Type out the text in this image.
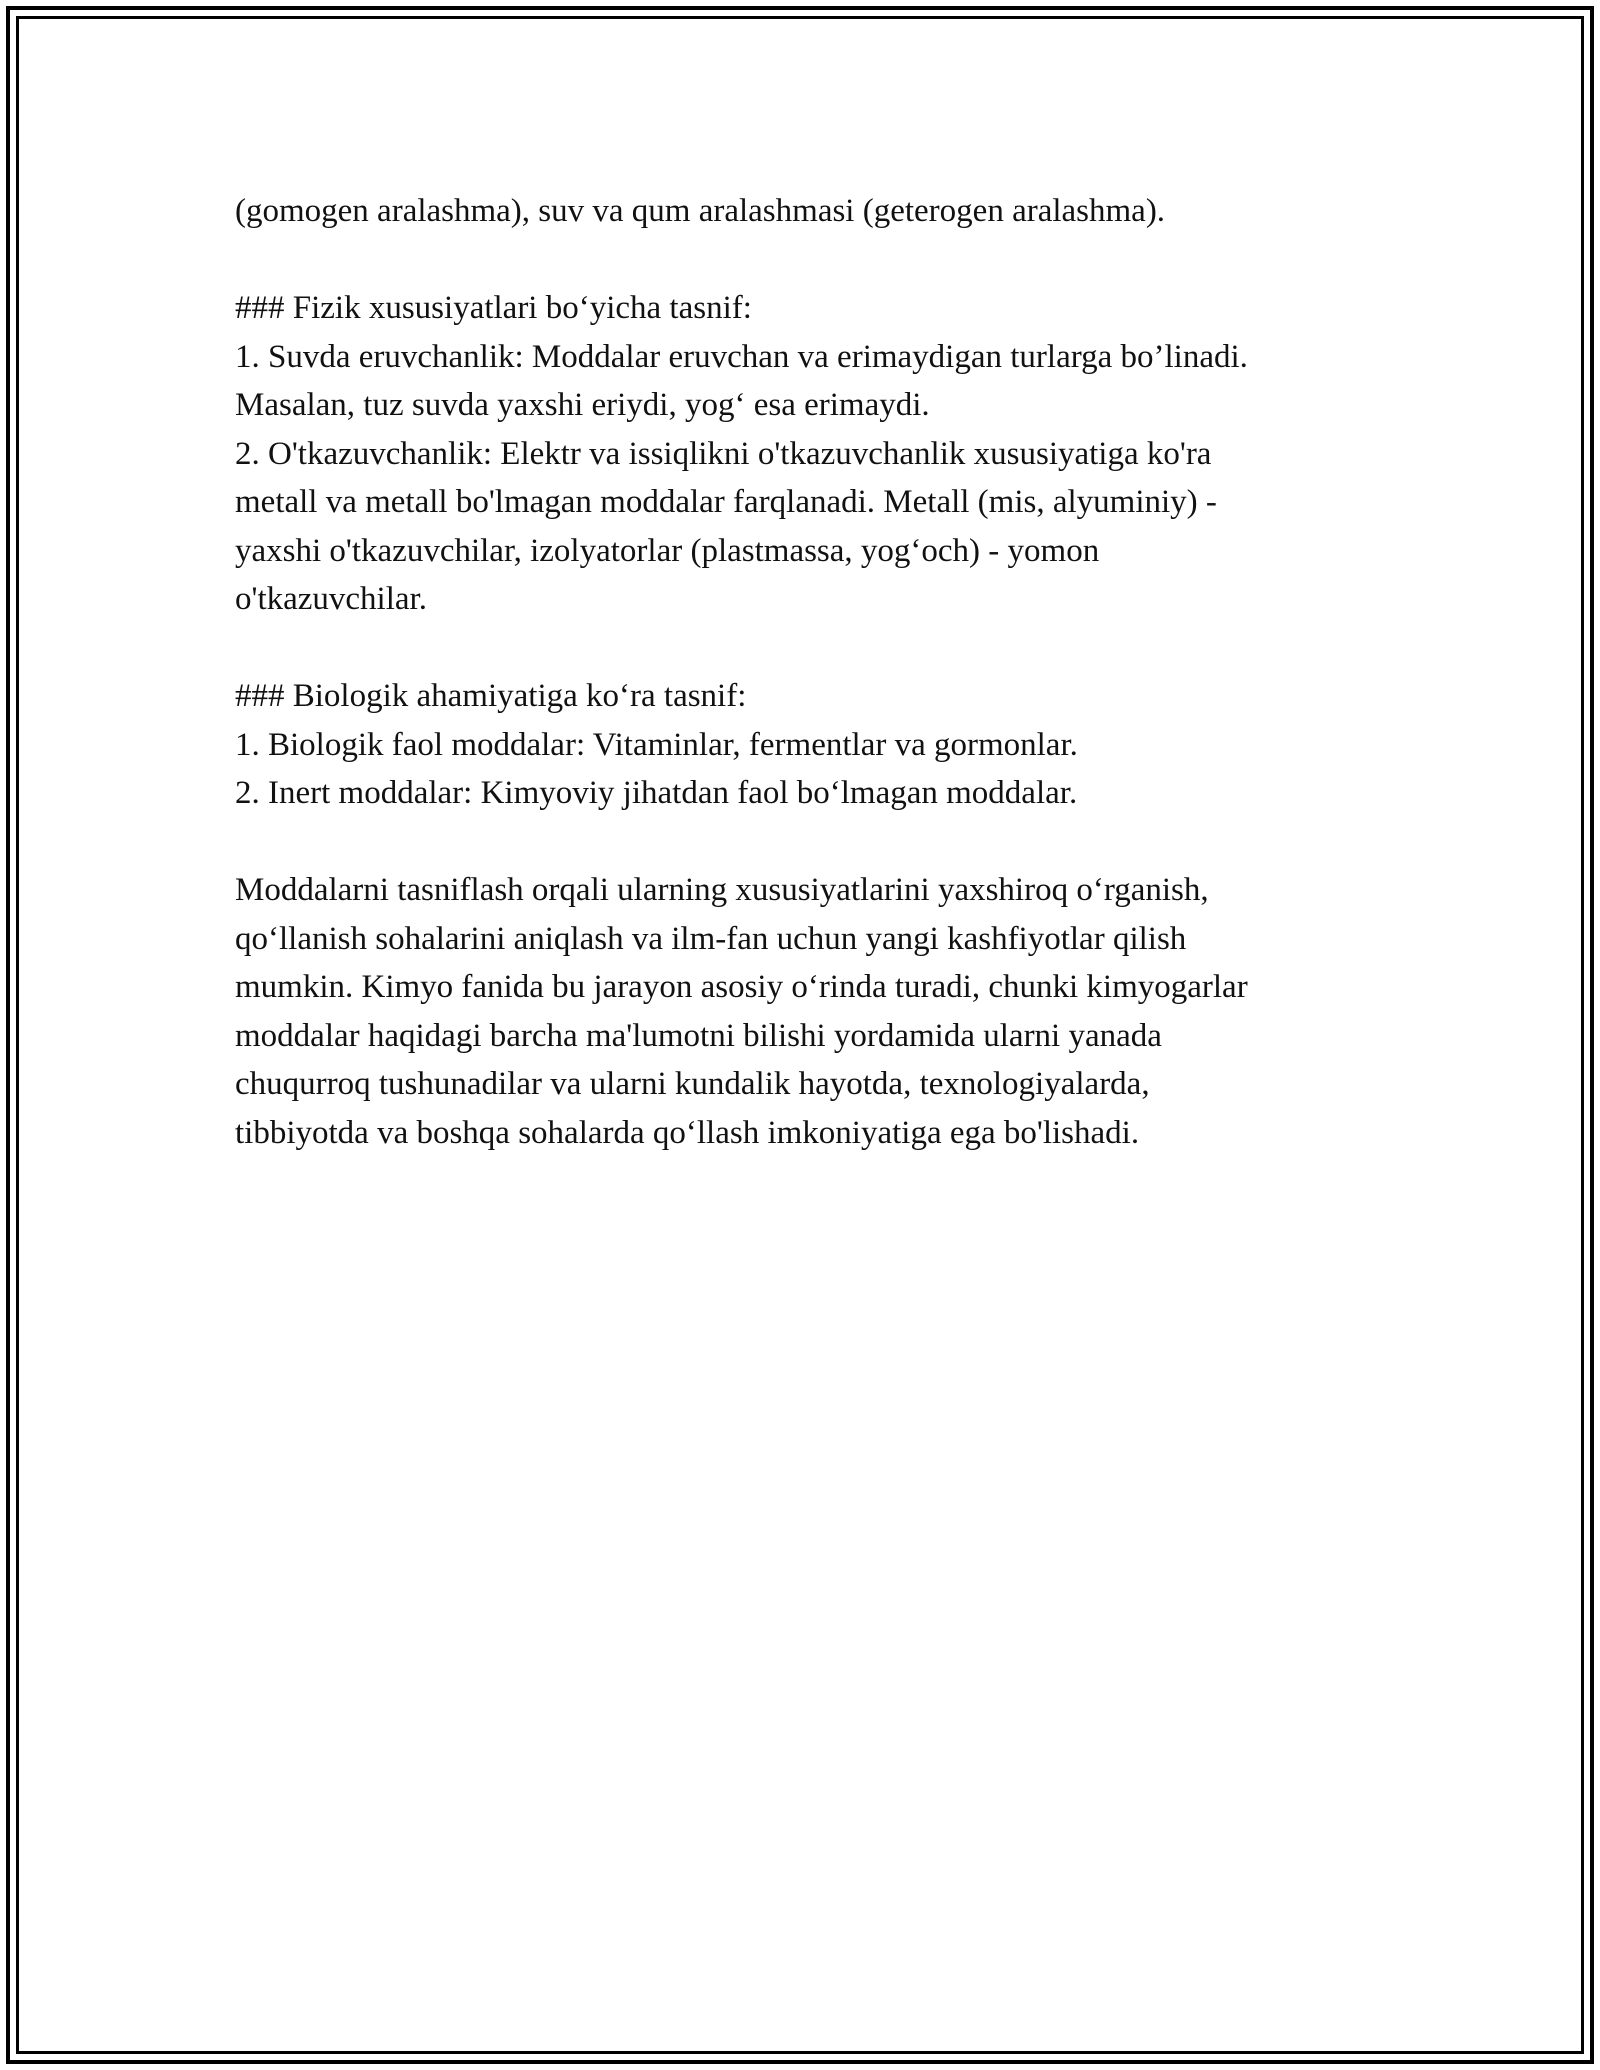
(gomogen aralashma), suv va qum aralashmasi (geterogen aralashma).
### Fizik xususiyatlari bo‘yicha tasnif:
1. Suvda eruvchanlik: Moddalar eruvchan va erimaydigan turlarga bo’linadi.
Masalan, tuz suvda yaxshi eriydi, yog‘ esa erimaydi.
2. O'tkazuvchanlik: Elektr va issiqlikni o'tkazuvchanlik xususiyatiga ko'ra
metall va metall bo'lmagan moddalar farqlanadi. Metall (mis, alyuminiy) -
yaxshi o'tkazuvchilar, izolyatorlar (plastmassa, yog‘och) - yomon
o'tkazuvchilar.
### Biologik ahamiyatiga ko‘ra tasnif:
1. Biologik faol moddalar: Vitaminlar, fermentlar va gormonlar.
2. Inert moddalar: Kimyoviy jihatdan faol bo‘lmagan moddalar.
Moddalarni tasniflash orqali ularning xususiyatlarini yaxshiroq o‘rganish,
qo‘llanish sohalarini aniqlash va ilm-fan uchun yangi kashfiyotlar qilish
mumkin. Kimyo fanida bu jarayon asosiy o‘rinda turadi, chunki kimyogarlar
moddalar haqidagi barcha ma'lumotni bilishi yordamida ularni yanada
chuqurroq tushunadilar va ularni kundalik hayotda, texnologiyalarda,
tibbiyotda va boshqa sohalarda qo‘llash imkoniyatiga ega bo'lishadi.
